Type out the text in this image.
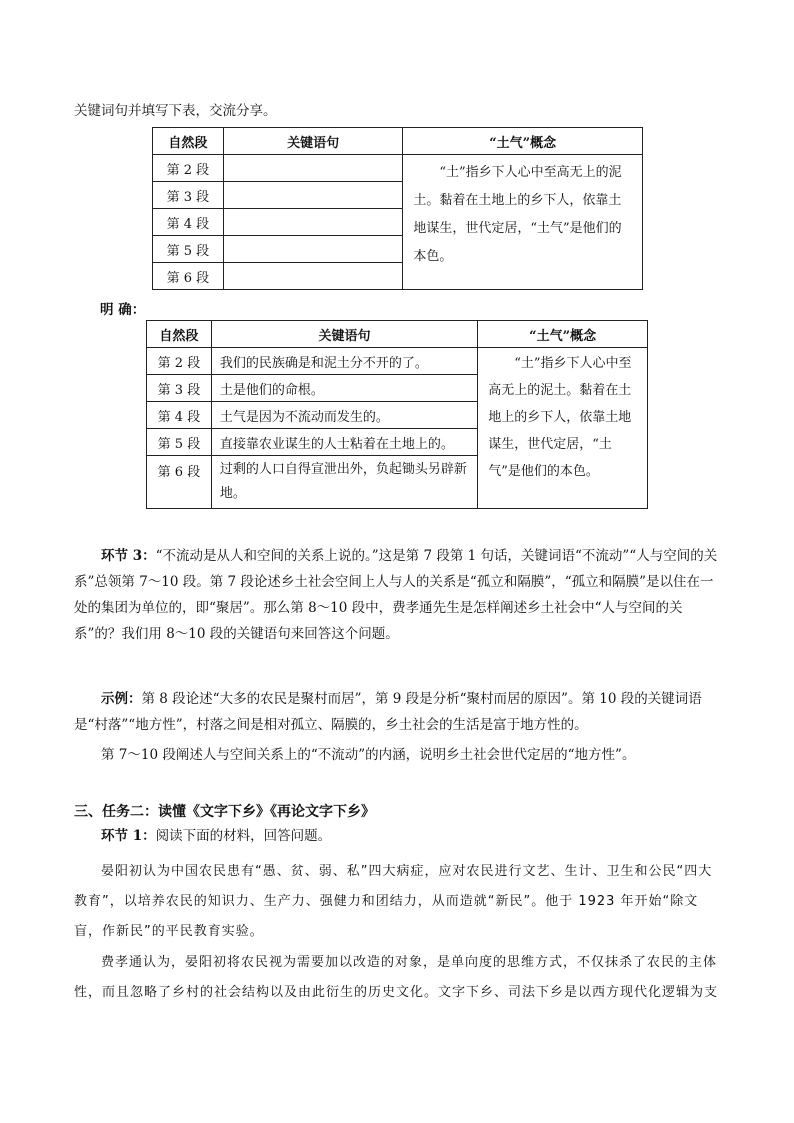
关键词句并填写下表，交流分享。
自然段	关键语句	“土气”概念
第 2 段		“土”指乡下人心中至高无上的泥土。黏着在土地上的乡下人，依靠土地谋生，世代定居，“土气”是他们的本色。
第 3 段		
第 4 段		
第 5 段		
第 6 段		
明 确：
自然段	关键语句	“土气”概念
第 2 段	我们的民族确是和泥土分不开的了。	“土”指乡下人心中至高无上的泥土。黏着在土地上的乡下人，依靠土地谋生，世代定居，“土气”是他们的本色。
第 3 段	土是他们的命根。	
第 4 段	土气是因为不流动而发生的。	
第 5 段	直接靠农业谋生的人士粘着在土地上的。	
第 6 段	过剩的人口自得宣泄出外，负起锄头另辟新地。	
环节 3：“不流动是从人和空间的关系上说的。”这是第 7 段第 1 句话，关键词语“不流动”“人与空间的关系”总领第 7～10 段。第 7 段论述乡土社会空间上人与人的关系是“孤立和隔膜”，“孤立和隔膜”是以住在一处的集团为单位的，即“聚居”。那么第 8～10 段中，费孝通先生是怎样阐述乡土社会中“人与空间的关系”的？我们用 8～10 段的关键语句来回答这个问题。
示例：第 8 段论述“大多的农民是聚村而居”，第 9 段是分析“聚村而居的原因”。第 10 段的关键词语是“村落”“地方性”，村落之间是相对孤立、隔膜的，乡土社会的生活是富于地方性的。
第 7～10 段阐述人与空间关系上的“不流动”的内涵，说明乡土社会世代定居的“地方性”。
三、任务二：读懂《文字下乡》《再论文字下乡》
环节 1：阅读下面的材料，回答问题。
晏阳初认为中国农民患有“愚、贫、弱、私”四大病症，应对农民进行文艺、生计、卫生和公民“四大教育”，以培养农民的知识力、生产力、强健力和团结力，从而造就“新民”。他于 1923 年开始“除文盲，作新民”的平民教育实验。
费孝通认为，晏阳初将农民视为需要加以改造的对象，是单向度的思维方式，不仅抹杀了农民的主体性，而且忽略了乡村的社会结构以及由此衍生的历史文化。文字下乡、司法下乡是以西方现代化逻辑为支
